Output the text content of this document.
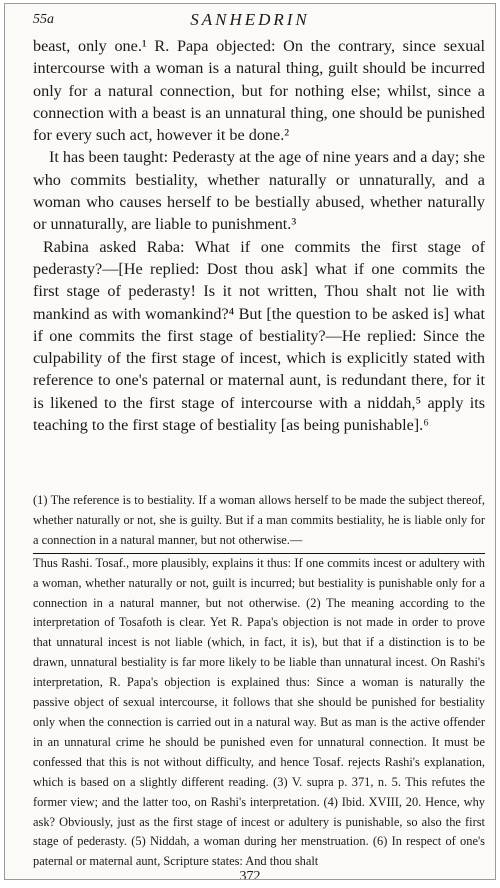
55a	SANHEDRIN

beast, only one.¹ R. Papa objected: On the contrary, since sexual intercourse with a woman is a natural thing, guilt should be incurred only for a natural connection, but for nothing else; whilst, since a connection with a beast is an unnatural thing, one should be punished for every such act, however it be done.²

It has been taught: Pederasty at the age of nine years and a day; she who commits bestiality, whether naturally or unnaturally, and a woman who causes herself to be bestially abused, whether naturally or unnaturally, are liable to punishment.³

Rabina asked Raba: What if one commits the first stage of pederasty?—[He replied: Dost thou ask] what if one commits the first stage of pederasty! Is it not written, Thou shalt not lie with mankind as with womankind?⁴ But [the question to be asked is] what if one commits the first stage of bestiality?—He replied: Since the culpability of the first stage of incest, which is explicitly stated with reference to one's paternal or maternal aunt, is redundant there, for it is likened to the first stage of intercourse with a niddah,⁵ apply its teaching to the first stage of bestiality [as being punishable].⁶

(1) The reference is to bestiality. If a woman allows herself to be made the subject thereof, whether naturally or not, she is guilty. But if a man commits bestiality, he is liable only for a connection in a natural manner, but not otherwise.—

Thus Rashi. Tosaf., more plausibly, explains it thus: If one commits incest or adultery with a woman, whether naturally or not, guilt is incurred; but bestiality is punishable only for a connection in a natural manner, but not otherwise. (2) The meaning according to the interpretation of Tosafoth is clear. Yet R. Papa's objection is not made in order to prove that unnatural incest is not liable (which, in fact, it is), but that if a distinction is to be drawn, unnatural bestiality is far more likely to be liable than unnatural incest. On Rashi's interpretation, R. Papa's objection is explained thus: Since a woman is naturally the passive object of sexual intercourse, it follows that she should be punished for bestiality only when the connection is carried out in a natural way. But as man is the active offender in an unnatural crime he should be punished even for unnatural connection. It must be confessed that this is not without difficulty, and hence Tosaf. rejects Rashi's explanation, which is based on a slightly different reading. (3) V. supra p. 371, n. 5. This refutes the former view; and the latter too, on Rashi's interpretation. (4) Ibid. XVIII, 20. Hence, why ask? Obviously, just as the first stage of incest or adultery is punishable, so also the first stage of pederasty. (5) Niddah, a woman during her menstruation. (6) In respect of one's paternal or maternal aunt, Scripture states: And thou shalt

372
